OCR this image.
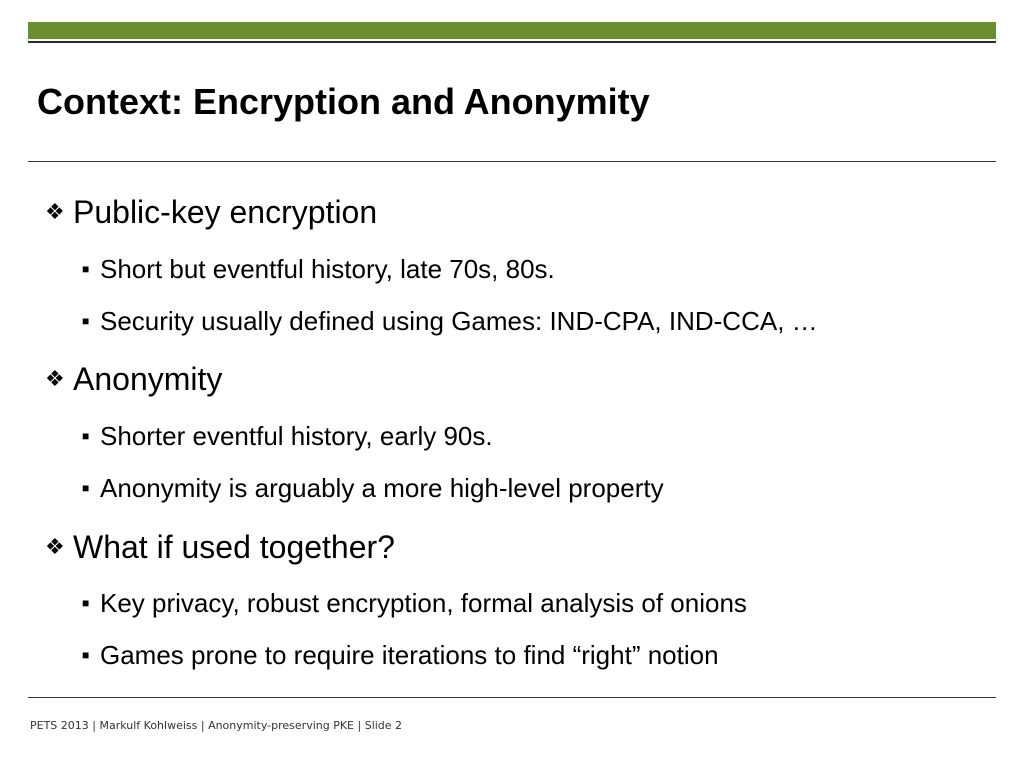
Context: Encryption and Anonymity
❖ Public-key encryption
■ Short but eventful history, late 70s, 80s.
■ Security usually defined using Games: IND-CPA, IND-CCA, …
❖ Anonymity
■ Shorter eventful history, early 90s.
■ Anonymity is arguably a more high-level property
❖ What if used together?
■ Key privacy, robust encryption, formal analysis of onions
■ Games prone to require iterations to find “right” notion
PETS 2013 | Markulf Kohlweiss | Anonymity-preserving PKE | Slide 2
